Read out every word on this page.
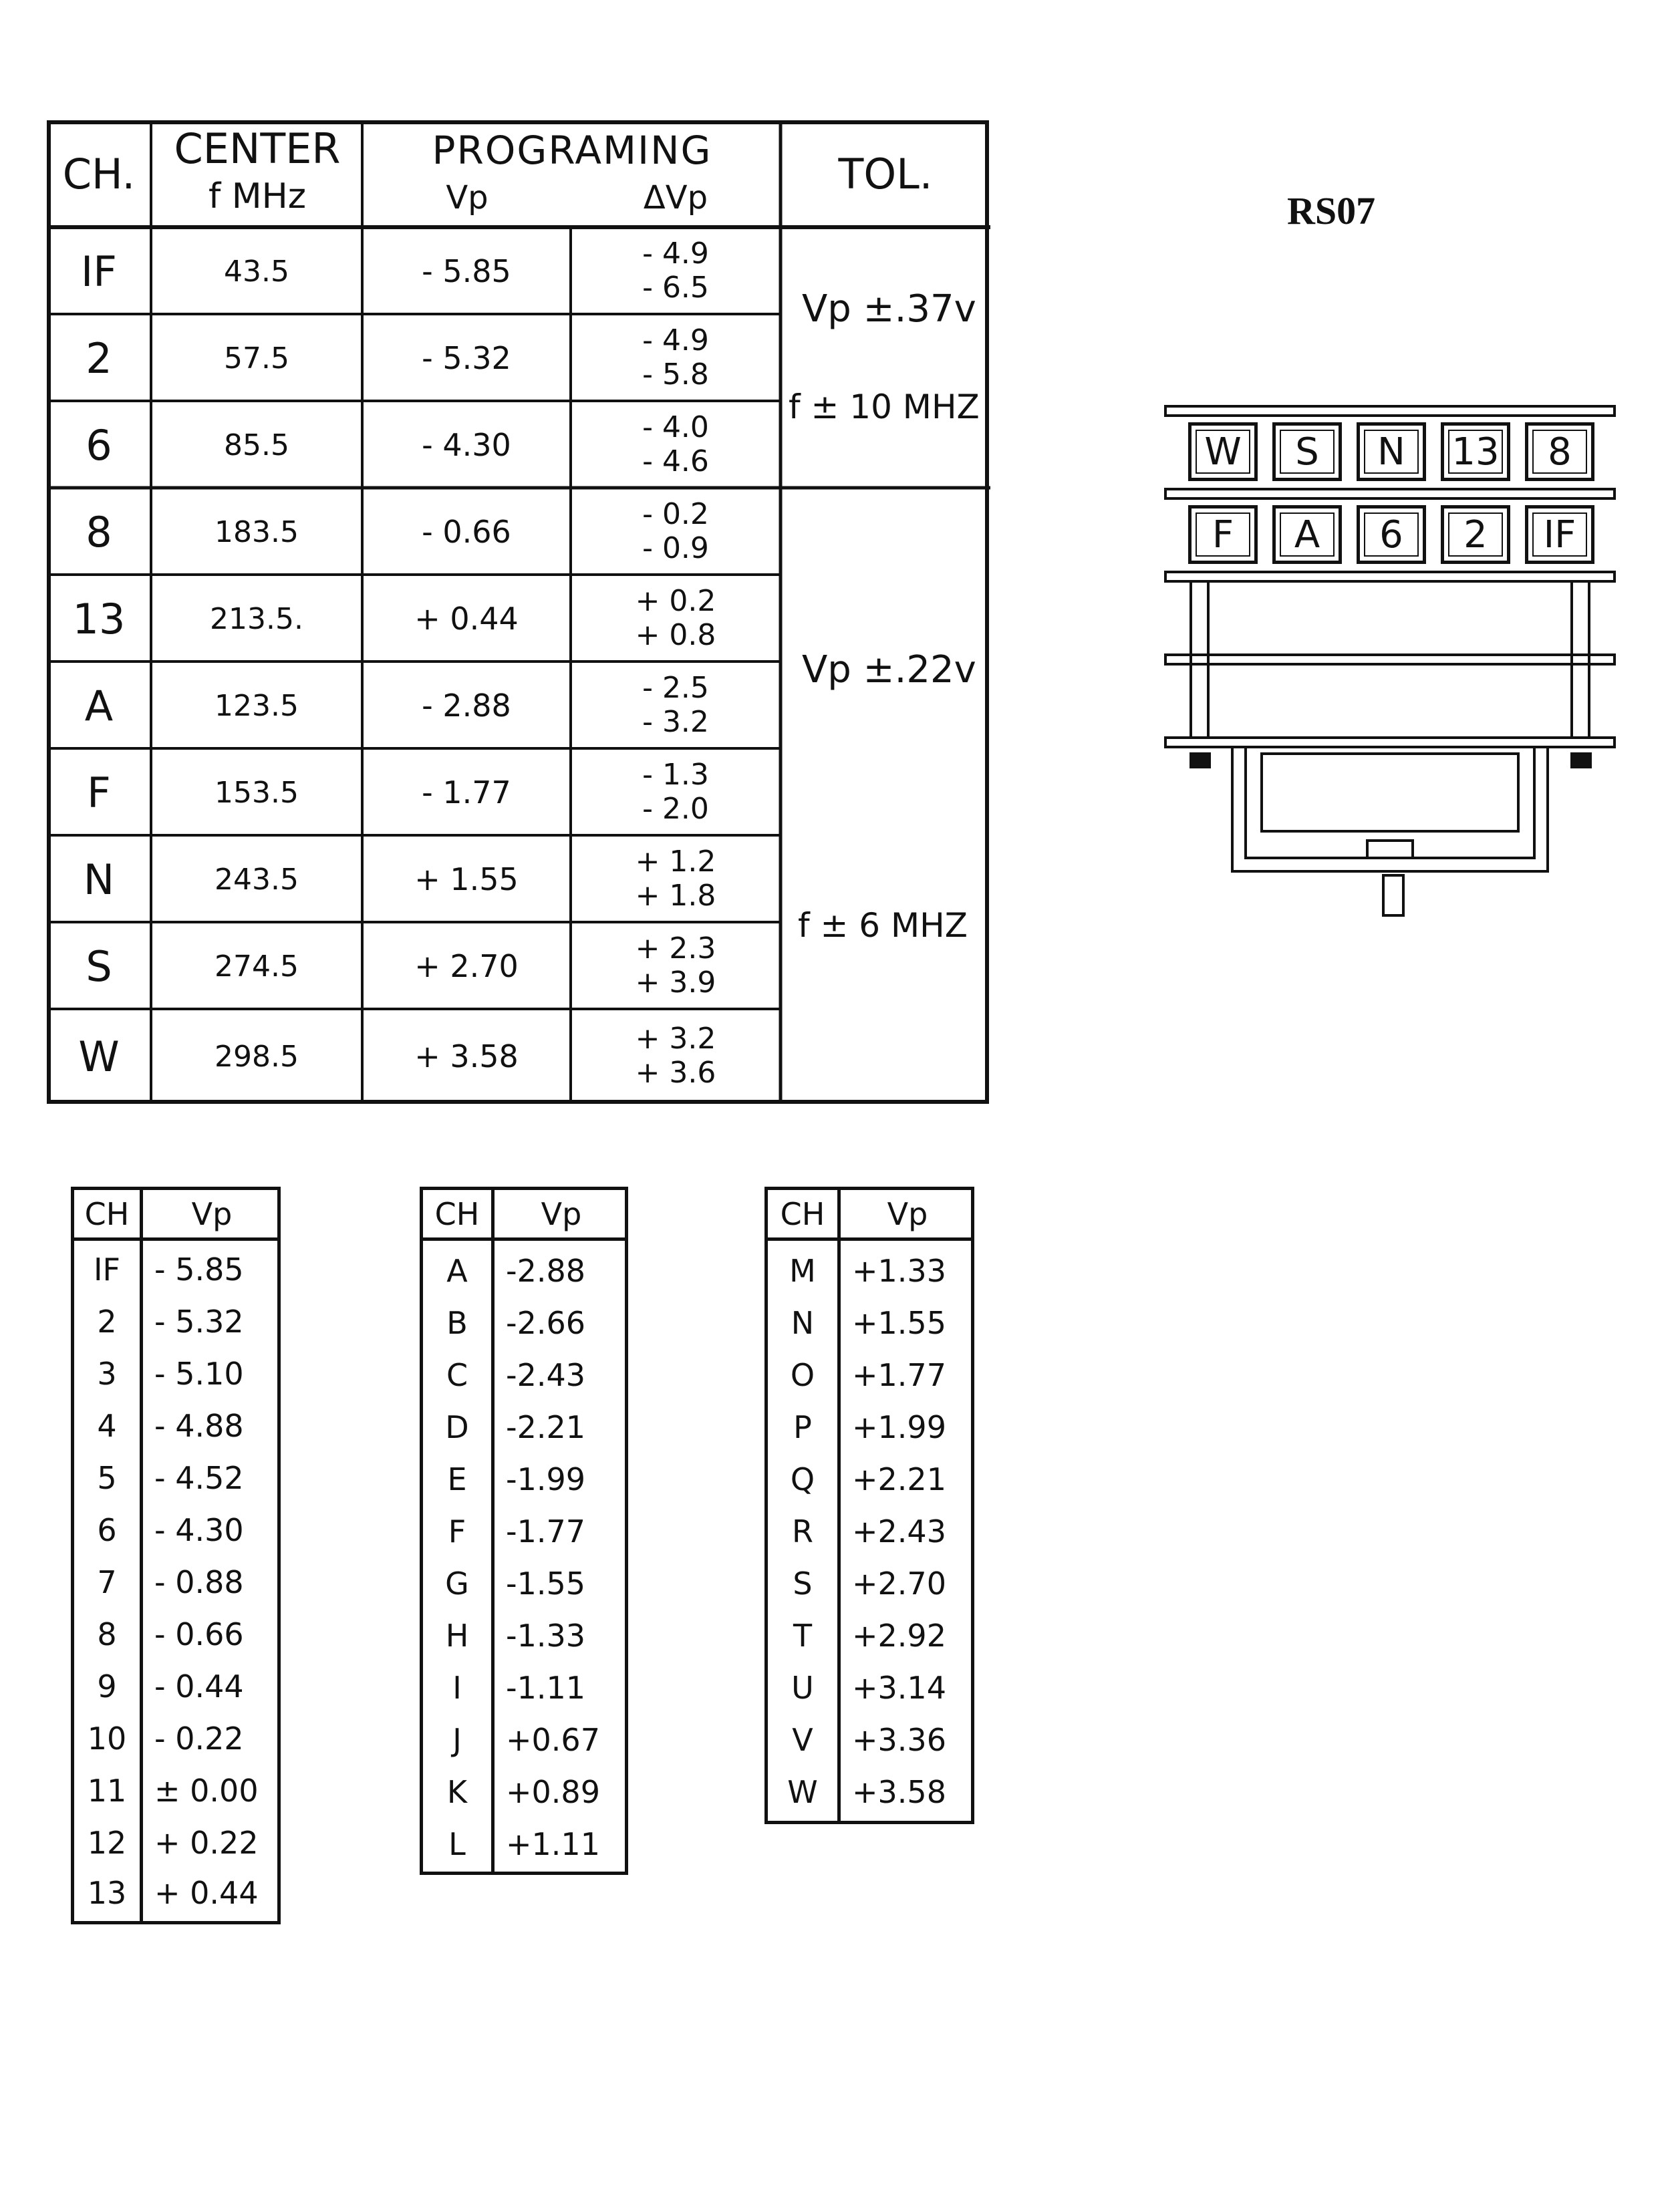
RS07
CH.
CENTER
f MHz
PROGRAMING
Vp	ΔVp	TOL.
IF	43.5	- 5.85	- 4.9
- 6.5
2	57.5	- 5.32	- 4.9
- 5.8
6	85.5	- 4.30	- 4.0
- 4.6
8	183.5	- 0.66	- 0.2
- 0.9
13	213.5.	+ 0.44	+ 0.2
+ 0.8
A	123.5	- 2.88	- 2.5
- 3.2
F	153.5	- 1.77	- 1.3
- 2.0
N	243.5	+ 1.55	+ 1.2
+ 1.8
S	274.5	+ 2.70	+ 2.3
+ 3.9
W	298.5	+ 3.58	+ 3.2
+ 3.6
Vp ±.37v
f ± 10 MHZ
Vp ±.22v
f ± 6 MHZ
CH	Vp
IF	- 5.85
2	- 5.32
3	- 5.10
4	- 4.88
5	- 4.52
6	- 4.30
7	- 0.88
8	- 0.66
9	- 0.44
10 - 0.22
11 ± 0.00
12 + 0.22
13 + 0.44
CH	Vp
A	-2.88
B	-2.66
C	-2.43
D	-2.21
E	-1.99
F	-1.77
G	-1.55
H	-1.33
I	-1.11
J	+0.67
K	+0.89
L	+1.11
CH	Vp
M	+1.33
N	+1.55
O	+1.77
P	+1.99
Q	+2.21
R	+2.43
S	+2.70
T	+2.92
U	+3.14
V	+3.36
W	+3.58
W	S	N	13	8
F	A	6	2	IF
